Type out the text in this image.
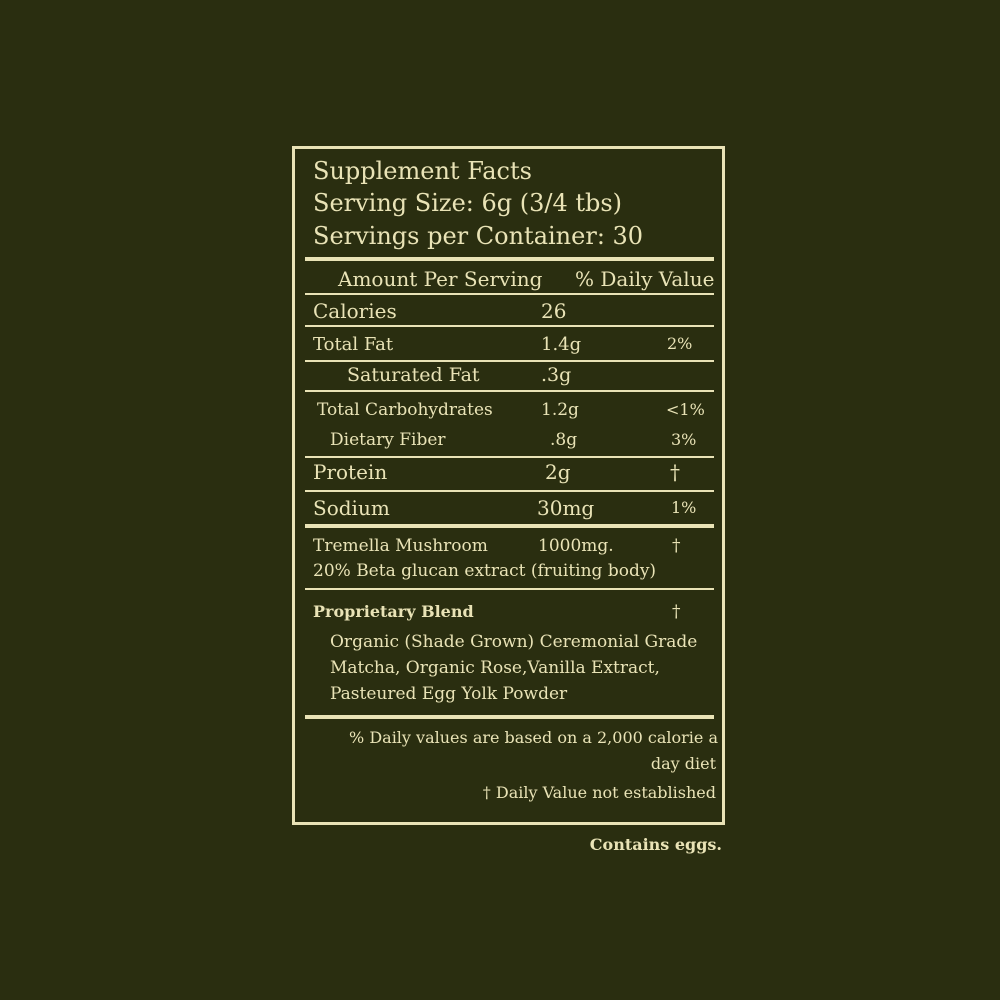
Supplement Facts
Serving Size: 6g (3/4 tbs)
Servings per Container: 30
Amount Per Serving % Daily Value
Calories	26
Total Fat	1.4g	2%
Saturated Fat	.3g
Total Carbohydrates	1.2g	<1%
Dietary Fiber	.8g	3%
Protein	2g	†
Sodium	30mg	1%
Tremella Mushroom	1000mg.	†
20% Beta glucan extract (fruiting body)
Proprietary Blend	†
Organic (Shade Grown) Ceremonial Grade
Matcha, Organic Rose,Vanilla Extract,
Pasteured Egg Yolk Powder
% Daily values are based on a 2,000 calorie a
day diet
† Daily Value not established
Contains eggs.
